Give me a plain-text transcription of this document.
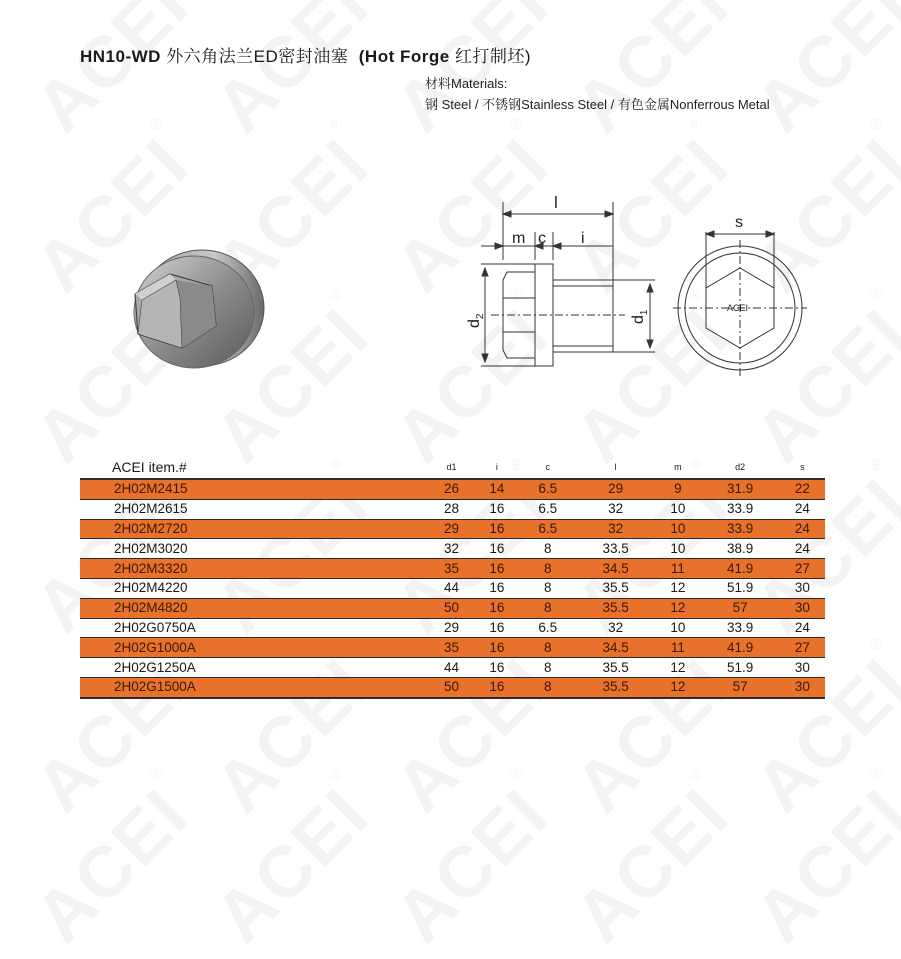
HN10-WD 外六角法兰ED密封油塞 (Hot Forge 红打制坯)
材料Materials:
钢 Steel / 不锈钢Stainless Steel / 有色金属Nonferrous Metal
l
m c i
s
ACEI
$d_2$	$d_1$
ACEI item.#	d1	i	c	l	m	d2	s
2H02M2415	26	14	6.5	29	9	31.9	22
2H02M2615	28	16	6.5	32	10	33.9	24
2H02M2720	29	16	6.5	32	10	33.9	24
2H02M3020	32	16	8	33.5	10	38.9	24
2H02M3320	35	16	8	34.5	11	41.9	27
2H02M4220	44	16	8	35.5	12	51.9	30
2H02M4820	50	16	8	35.5	12	57	30
2H02G0750A	29	16	6.5	32	10	33.9	24
2H02G1000A	35	16	8	34.5	11	41.9	27
2H02G1250A	44	16	8	35.5	12	51.9	30
2H02G1500A	50	16	8	35.5	12	57	30
